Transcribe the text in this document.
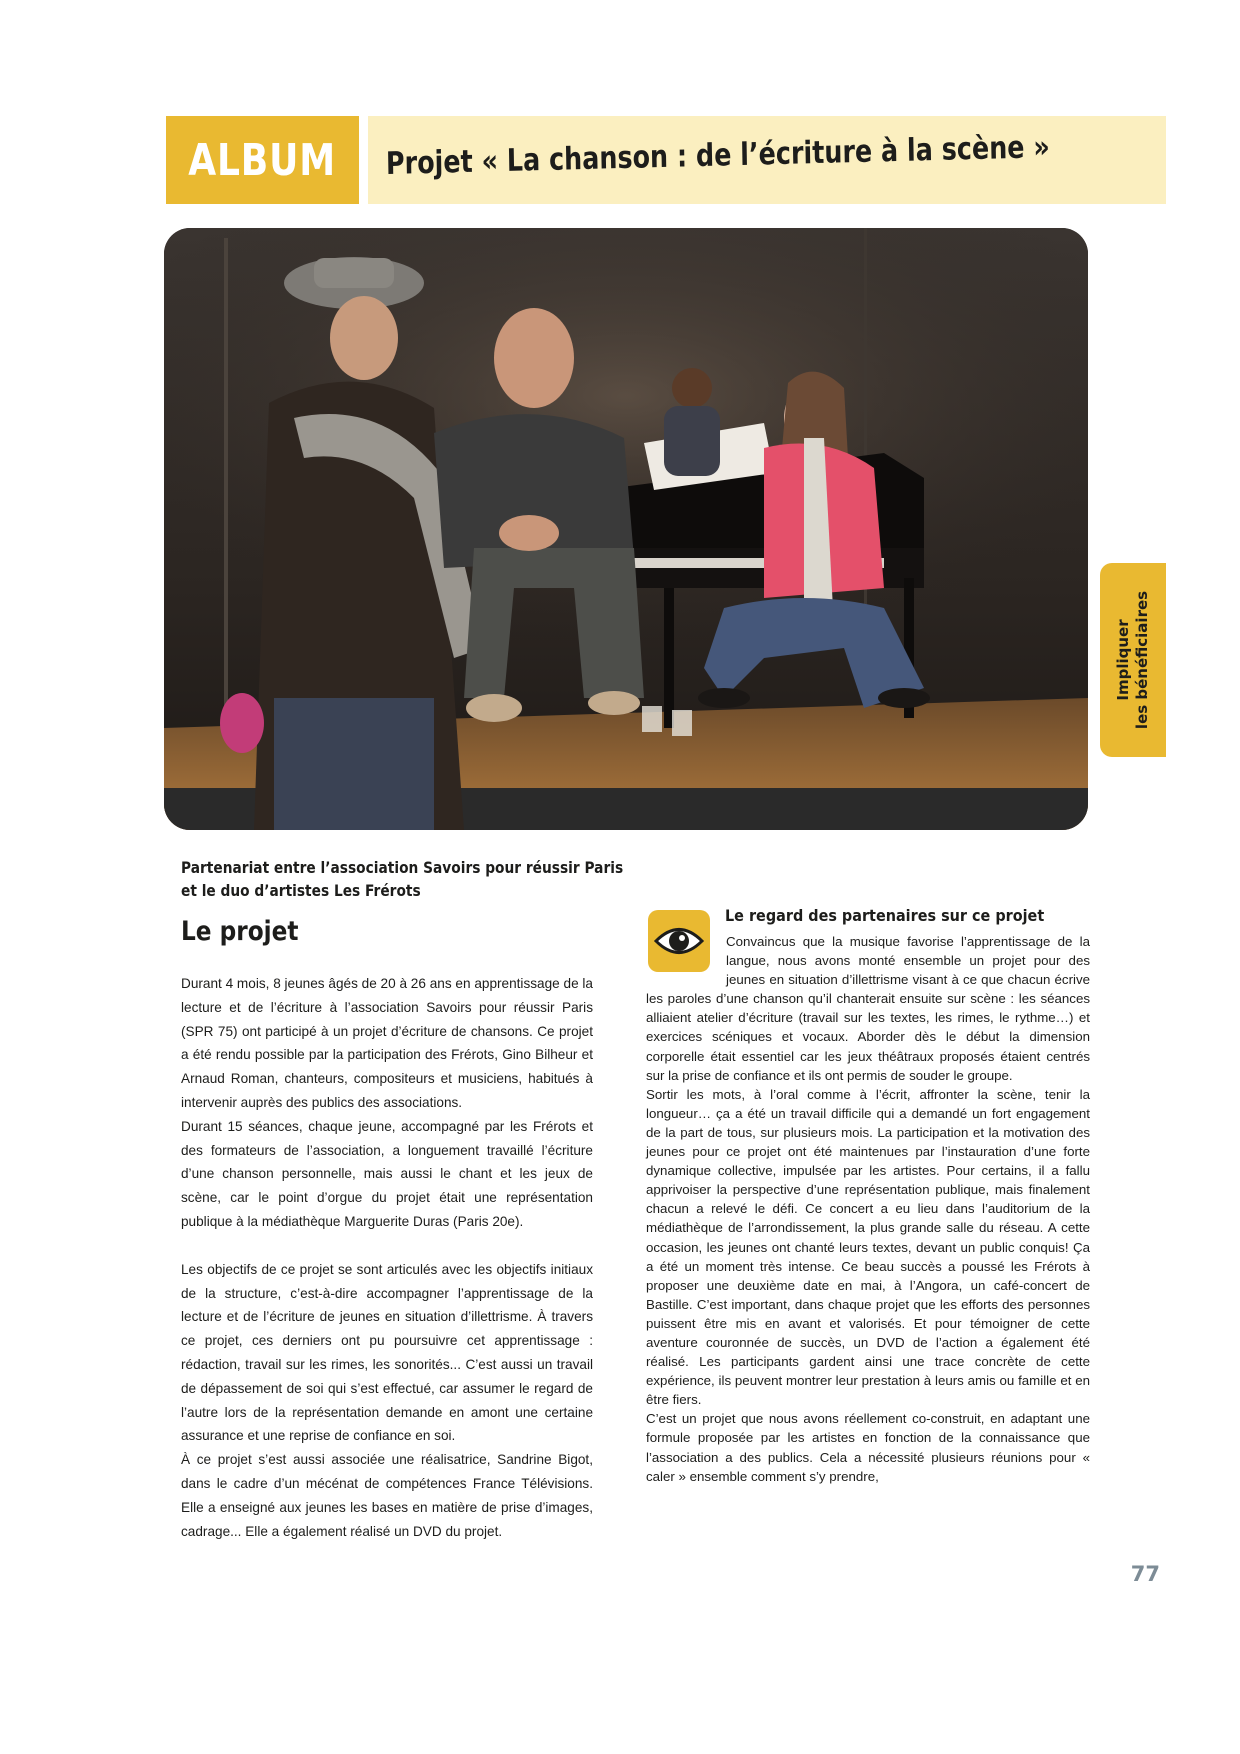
ALBUM Projet « La chanson : de l’écriture à la scène »
Impliquer les bénéficiaires
Partenariat entre l’association Savoirs pour réussir Paris
et le duo d’artistes Les Frérots
Le projet

Durant 4 mois, 8 jeunes âgés de 20 à 26 ans en apprentissage de la lecture et de l’écriture à l’association Savoirs pour réussir Paris (SPR 75) ont participé à un projet d’écriture de chansons. Ce projet a été rendu possible par la participation des Frérots, Gino Bilheur et Arnaud Roman, chanteurs, compositeurs et musiciens, habitués à intervenir auprès des publics des associations.

Durant 15 séances, chaque jeune, accompagné par les Frérots et des formateurs de l’association, a longuement travaillé l’écriture d’une chanson personnelle, mais aussi le chant et les jeux de scène, car le point d’orgue du projet était une représentation publique à la médiathèque Marguerite Duras (Paris 20e).

Les objectifs de ce projet se sont articulés avec les objectifs initiaux de la structure, c’est-à-dire accompagner l’apprentissage de la lecture et de l’écriture de jeunes en situation d’illettrisme. À travers ce projet, ces derniers ont pu poursuivre cet apprentissage : rédaction, travail sur les rimes, les sonorités... C’est aussi un travail de dépassement de soi qui s’est effectué, car assumer le regard de l’autre lors de la représentation demande en amont une certaine assurance et une reprise de confiance en soi.

À ce projet s’est aussi associée une réalisatrice, Sandrine Bigot, dans le cadre d’un mécénat de compétences France Télévisions. Elle a enseigné aux jeunes les bases en matière de prise d’images, cadrage... Elle a également réalisé un DVD du projet.

Le regard des partenaires sur ce projet

Convaincus que la musique favorise l’apprentissage de la langue, nous avons monté ensemble un projet pour des jeunes en situation d’illettrisme visant à ce que chacun écrive les paroles d’une chanson qu’il chanterait ensuite sur scène : les séances alliaient atelier d’écriture (travail sur les textes, les rimes, le rythme…) et exercices scéniques et vocaux. Aborder dès le début la dimension corporelle était essentiel car les jeux théâtraux proposés étaient centrés sur la prise de confiance et ils ont permis de souder le groupe.

Sortir les mots, à l’oral comme à l’écrit, affronter la scène, tenir la longueur… ça a été un travail difficile qui a demandé un fort engagement de la part de tous, sur plusieurs mois. La participation et la motivation des jeunes pour ce projet ont été maintenues par l’instauration d’une forte dynamique collective, impulsée par les artistes. Pour certains, il a fallu apprivoiser la perspective d’une représentation publique, mais finalement chacun a relevé le défi. Ce concert a eu lieu dans l’auditorium de la médiathèque de l’arrondissement, la plus grande salle du réseau. A cette occasion, les jeunes ont chanté leurs textes, devant un public conquis! Ça a été un moment très intense. Ce beau succès a poussé les Frérots à proposer une deuxième date en mai, à l’Angora, un café-concert de Bastille. C’est important, dans chaque projet que les efforts des personnes puissent être mis en avant et valorisés. Et pour témoigner de cette aventure couronnée de succès, un DVD de l’action a également été réalisé. Les participants gardent ainsi une trace concrète de cette expérience, ils peuvent montrer leur prestation à leurs amis ou famille et en être fiers.

C’est un projet que nous avons réellement co-construit, en adaptant une formule proposée par les artistes en fonction de la connaissance que l’association a des publics. Cela a nécessité plusieurs réunions pour « caler » ensemble comment s’y prendre,

77
